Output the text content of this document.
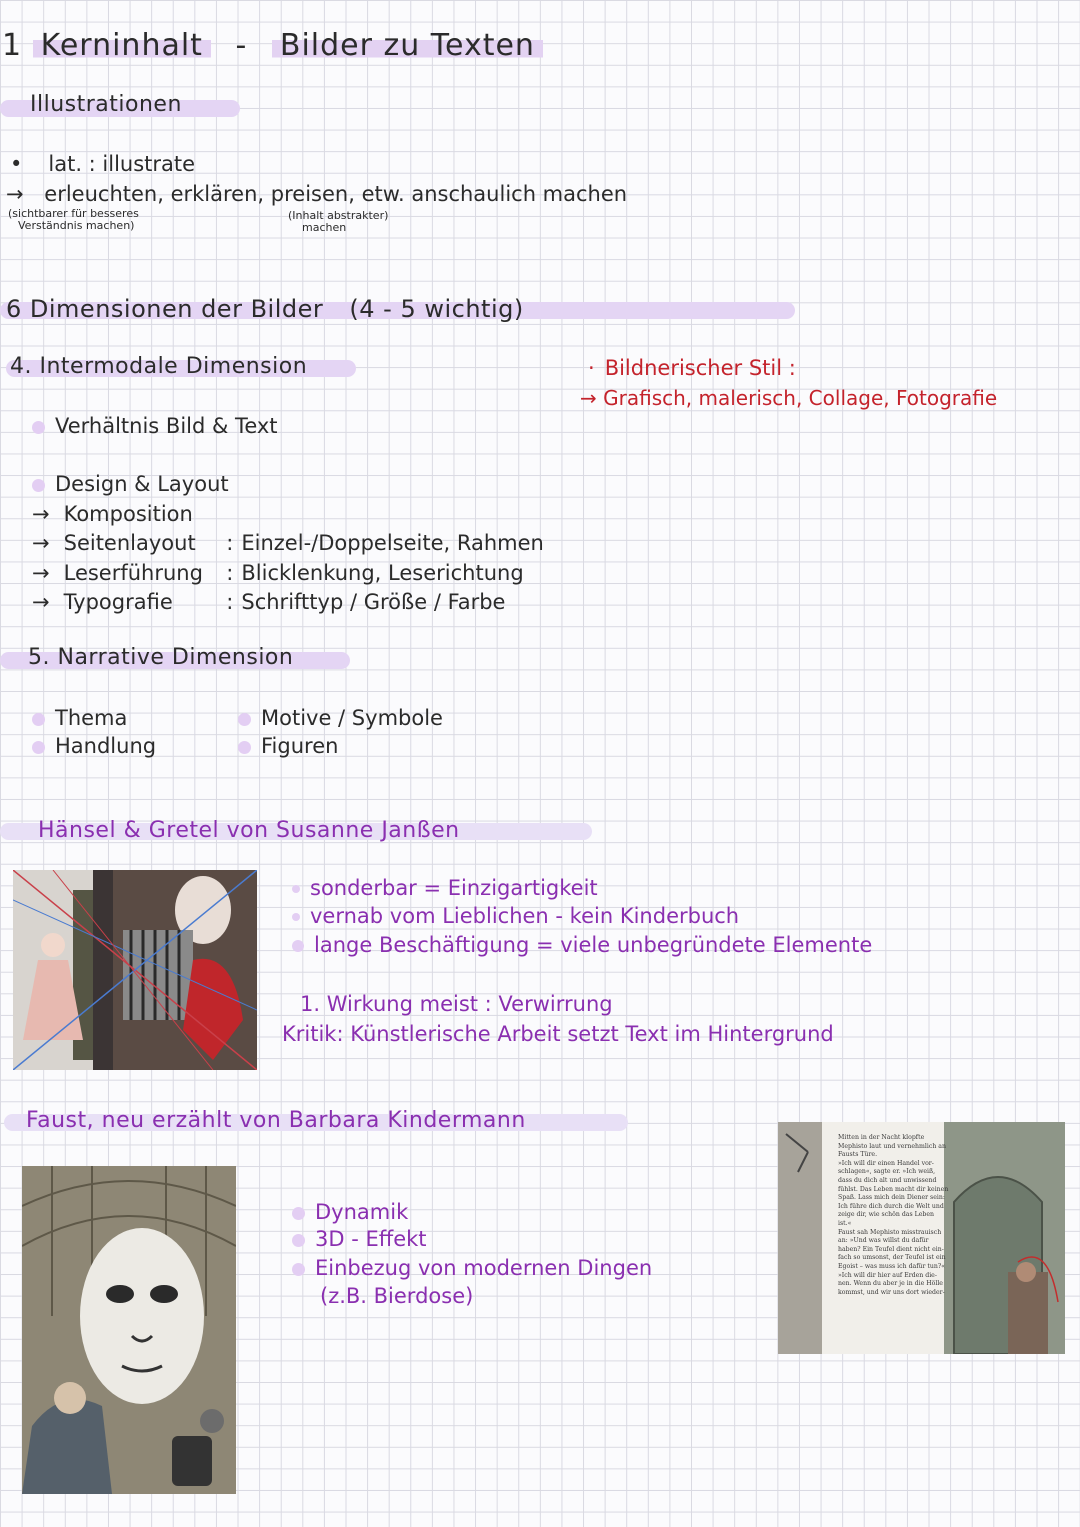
1 Kerninhalt - Bilder zu Texten
Illustrationen
• lat. : illustrate
→ erleuchten, erklären, preisen, etw. anschaulich machen
(sichtbarer für besseres
Verständnis machen)
(Inhalt abstrakter)
machen
6 Dimensionen der Bilder (4 - 5 wichtig)
4. Intermodale Dimension
Verhältnis Bild & Text
Design & Layout
→ Komposition
→ Seitenlayout : Einzel-/Doppelseite, Rahmen
→ Leserführung : Blicklenkung, Leserichtung
→ Typografie	: Schrifttyp / Größe / Farbe
· Bildnerischer Stil :
→ Grafisch, malerisch, Collage, Fotografie
5. Narrative Dimension
Thema
Handlung
Motive / Symbole
Figuren
Hänsel & Gretel von Susanne Janßen
sonderbar = Einzigartigkeit
vernab vom Lieblichen - kein Kinderbuch
lange Beschäftigung = viele unbegründete Elemente
1. Wirkung meist : Verwirrung
Kritik: Künstlerische Arbeit setzt Text im Hintergrund
Faust, neu erzählt von Barbara Kindermann
Dynamik
3D - Effekt
Einbezug von modernen Dingen
(z.B. Bierdose)
Mitten in der Nacht klopfte
Mephisto laut und vernehmlich an
Fausts Türe.
»Ich will dir einen Handel vor-
schlagen«, sagte er. »Ich weiß,
dass du dich alt und unwissend
fühlst. Das Leben macht dir keinen
Spaß. Lass mich dein Diener sein:
Ich führe dich durch die Welt und
zeige dir, wie schön das Leben
ist.«
Faust sah Mephisto misstrauisch
an: »Und was willst du dafür
haben? Ein Teufel dient nicht ein-
fach so umsonst, der Teufel ist ein
Egoist – was muss ich dafür tun?«
»Ich will dir hier auf Erden die-
nen. Wenn du aber je in die Hölle
kommst, und wir uns dort wieder-
